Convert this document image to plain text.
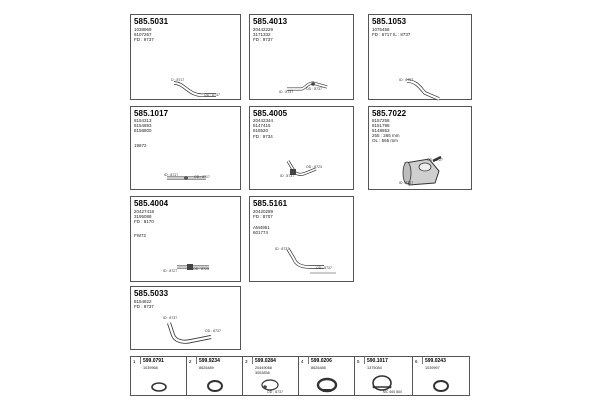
585.5031
1038969
8107267
FD : 9737
D : 8717
OD : 8737
585.4013
20442229
3171332
FD : 9737
ID : 8737
OD : 8737
585.1053
1076458
FD : 6717 IL : 8737
ID : 8737
585.1017
8154313
8154893
8158800
19672
ID : 8717	OD : 8717
585.4005
20442344
8147415
818520
FD : 9734
OD : 8723
ID : 8737
585.7022
8157258
8151798
8148653
255 : 265 mm
OL : 565 mm
OD : 8727
ID : 8737
585.4004
20427418
3195088
FD : 8170
FW72
ID : 8727	OD : 8723
585.5161
20420289
FD : 8707
AM4951
601774
ID : 8737
OD : 8737
585.5033
8154822
FD : 8737
ID : 8737
OD : 8737
1 599.0791
1039968
2 599.9234
8626489
3 599.0284
20449068
3053836
OD : 8737
4 599.0206
8626488
5 590.1017
1375084
MC 660 860
6 599.0243
1039997
